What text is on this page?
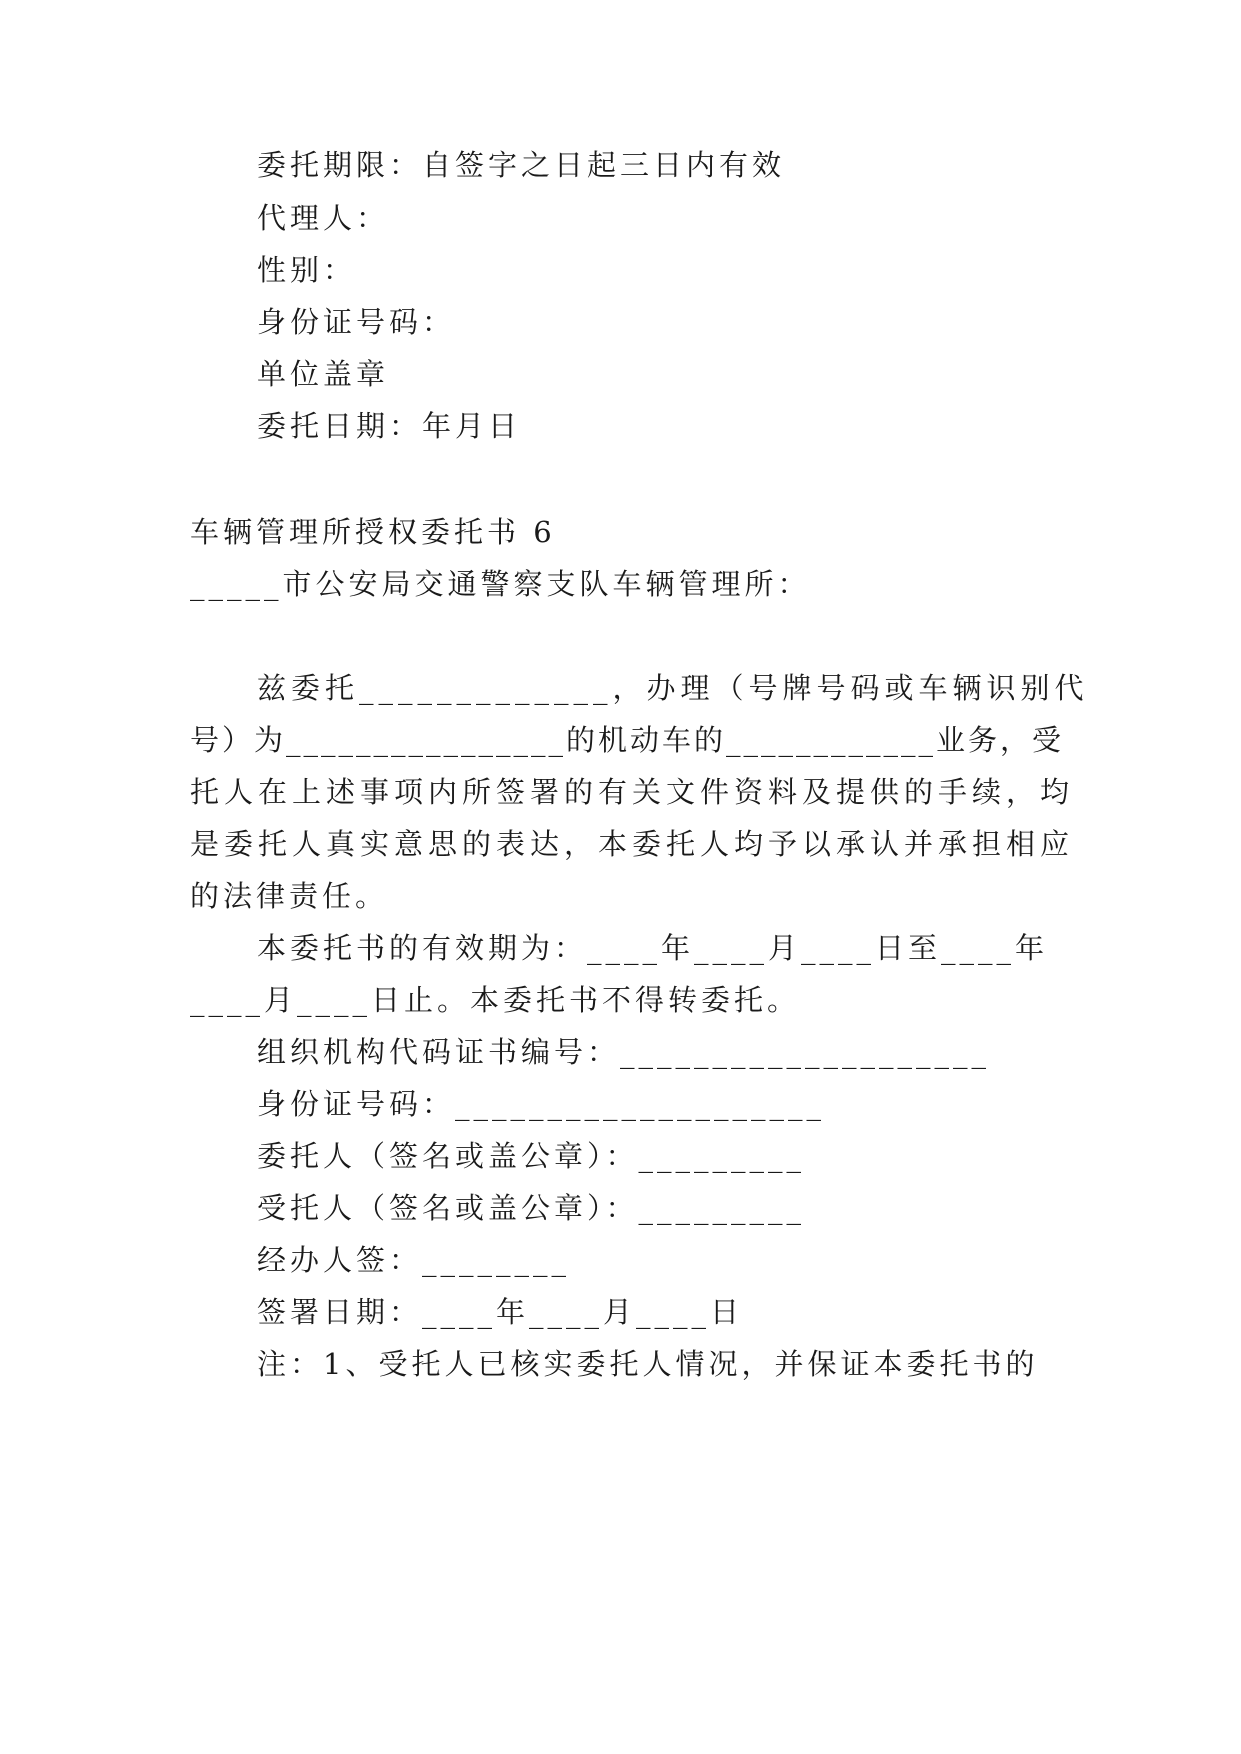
委托期限：自签字之日起三日内有效
代理人：
性别：
身份证号码：
单位盖章
委托日期：年月日
车辆管理所授权委托书 6
_____市公安局交通警察支队车辆管理所：
兹委托_____________，办理（号牌号码或车辆识别代
号）为________________的机动车的____________业务，受
托人在上述事项内所签署的有关文件资料及提供的手续，均
是委托人真实意思的表达，本委托人均予以承认并承担相应
的法律责任。
本委托书的有效期为：____年____月____日至____年
____月____日止。本委托书不得转委托。
组织机构代码证书编号：____________________
身份证号码：____________________
委托人（签名或盖公章）：_________
受托人（签名或盖公章）：_________
经办人签：________
签署日期：____年____月____日
注：1、受托人已核实委托人情况，并保证本委托书的
